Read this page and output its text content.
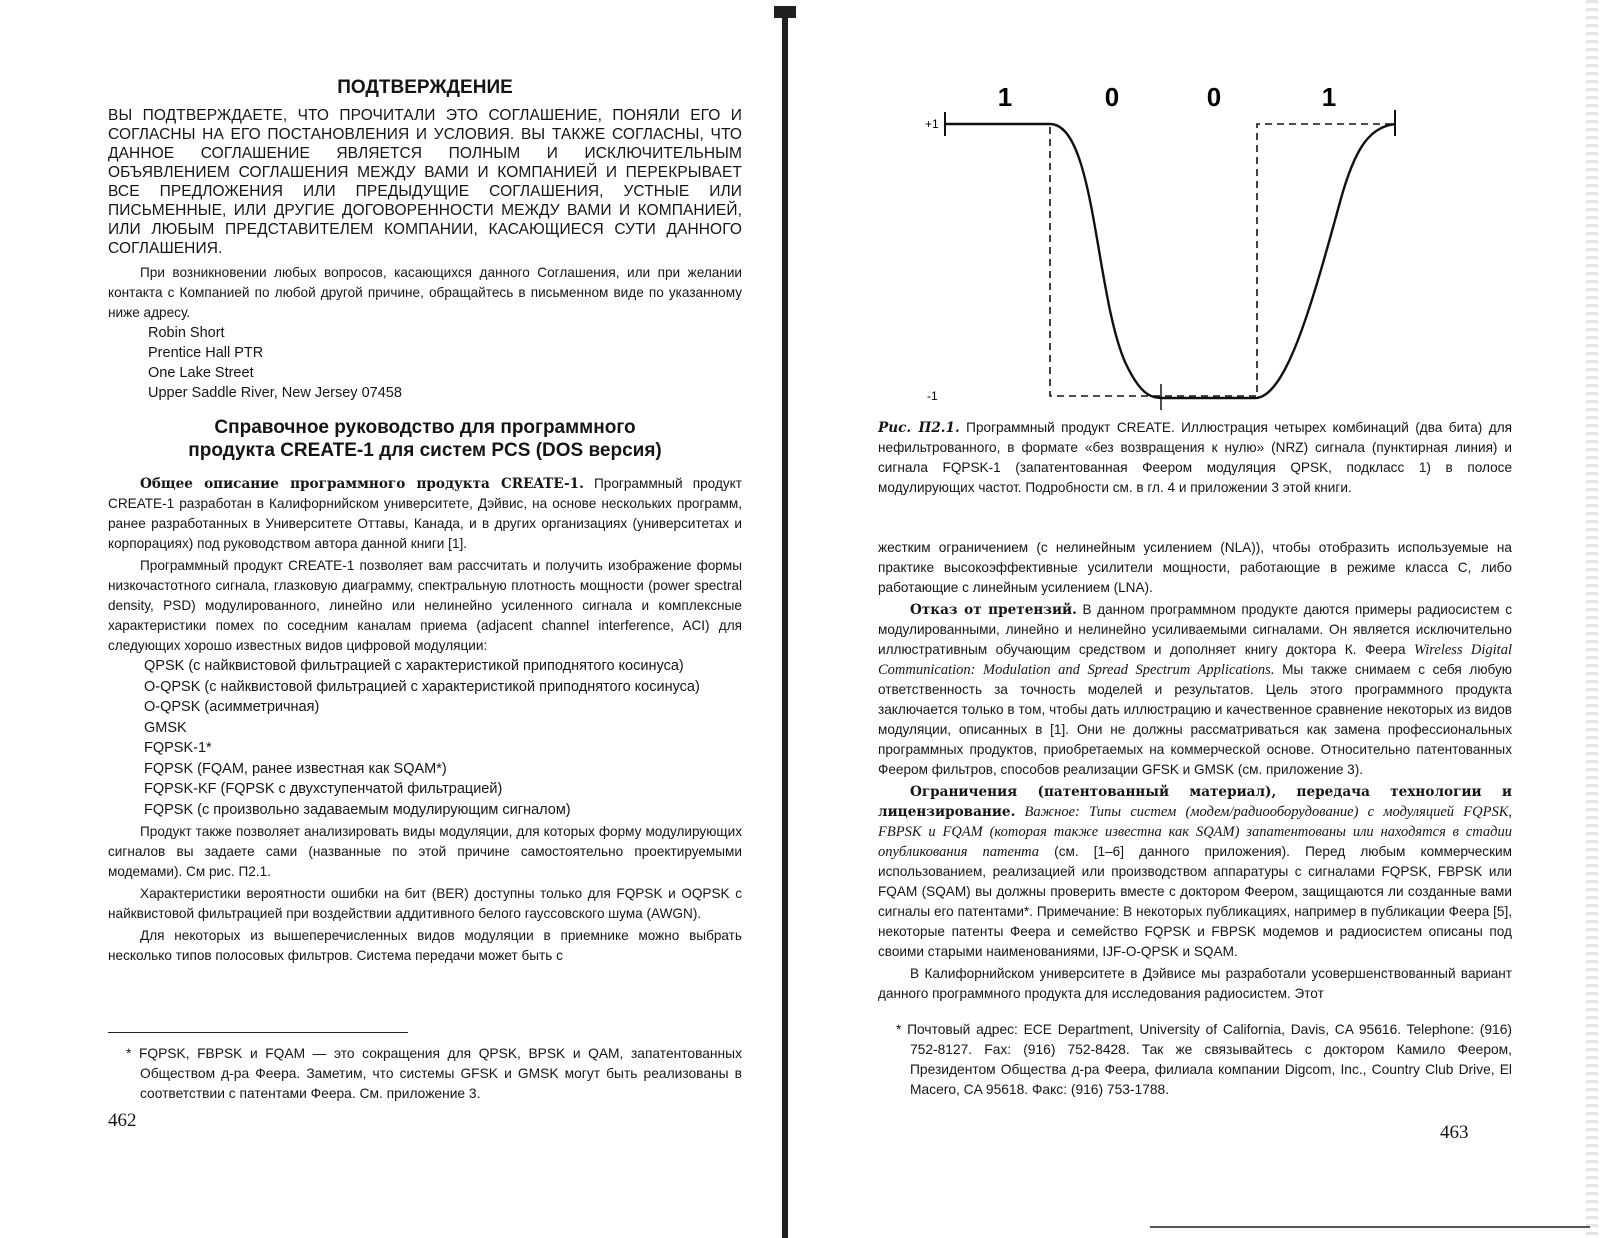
ПОДТВЕРЖДЕНИЕ
ВЫ ПОДТВЕРЖДАЕТЕ, ЧТО ПРОЧИТАЛИ ЭТО СОГЛАШЕНИЕ, ПОНЯЛИ ЕГО И СОГЛАСНЫ НА ЕГО ПОСТАНОВЛЕНИЯ И УСЛОВИЯ. ВЫ ТАКЖЕ СОГЛАСНЫ, ЧТО ДАННОЕ СОГЛАШЕНИЕ ЯВЛЯЕТСЯ ПОЛНЫМ И ИСКЛЮЧИТЕЛЬНЫМ ОБЪЯВЛЕНИЕМ СОГЛАШЕНИЯ МЕЖДУ ВАМИ И КОМПАНИЕЙ И ПЕРЕКРЫВАЕТ ВСЕ ПРЕДЛОЖЕНИЯ ИЛИ ПРЕДЫДУЩИЕ СОГЛАШЕНИЯ, УСТНЫЕ ИЛИ ПИСЬМЕННЫЕ, ИЛИ ДРУГИЕ ДОГОВОРЕННОСТИ МЕЖДУ ВАМИ И КОМПАНИЕЙ, ИЛИ ЛЮБЫМ ПРЕДСТАВИТЕЛЕМ КОМПАНИИ, КАСАЮЩИЕСЯ СУТИ ДАННОГО СОГЛАШЕНИЯ.
При возникновении любых вопросов, касающихся данного Соглашения, или при желании контакта с Компанией по любой другой причине, обращайтесь в письменном виде по указанному ниже адресу.
Robin Short
Prentice Hall PTR
One Lake Street
Upper Saddle River, New Jersey 07458
Справочное руководство для программного
продукта CREATE-1 для систем PCS (DOS версия)
Общее описание программного продукта CREATE-1. Программный продукт CREATE-1 разработан в Калифорнийском университете, Дэйвис, на основе нескольких программ, ранее разработанных в Университете Оттавы, Канада, и в других организациях (университетах и корпорациях) под руководством автора данной книги [1].
Программный продукт CREATE-1 позволяет вам рассчитать и получить изображение формы низкочастотного сигнала, глазковую диаграмму, спектральную плотность мощности (power spectral density, PSD) модулированного, линейно или нелинейно усиленного сигнала и комплексные характеристики помех по соседним каналам приема (adjacent channel interference, ACI) для следующих хорошо известных видов цифровой модуляции:
QPSK (с найквистовой фильтрацией с характеристикой приподнятого косинуса)
O-QPSK (с найквистовой фильтрацией с характеристикой приподнятого косинуса)
O-QPSK (асимметричная)
GMSK
FQPSK-1*
FQPSK (FQAM, ранее известная как SQAM*)
FQPSK-KF (FQPSK с двухступенчатой фильтрацией)
FQPSK (с произвольно задаваемым модулирующим сигналом)
Продукт также позволяет анализировать виды модуляции, для которых форму модулирующих сигналов вы задаете сами (названные по этой причине самостоятельно проектируемыми модемами). См рис. П2.1.
Характеристики вероятности ошибки на бит (BER) доступны только для FQPSK и OQPSK с найквистовой фильтрацией при воздействии аддитивного белого гауссовского шума (AWGN).
Для некоторых из вышеперечисленных видов модуляции в приемнике можно выбрать несколько типов полосовых фильтров. Система передачи может быть с
* FQPSK, FBPSK и FQAM — это сокращения для QPSK, BPSK и QAM, запатентованных Обществом д-ра Феера. Заметим, что системы GFSK и GMSK могут быть реализованы в соответствии с патентами Феера. См. приложение 3.
462
1	0	0	1
+1
-1
Рис. П2.1. Программный продукт CREATE. Иллюстрация четырех комбинаций (два бита) для нефильтрованного, в формате «без возвращения к нулю» (NRZ) сигнала (пунктирная линия) и сигнала FQPSK-1 (запатентованная Феером модуляция QPSK, подкласс 1) в полосе модулирующих частот. Подробности см. в гл. 4 и приложении 3 этой книги.
жестким ограничением (с нелинейным усилением (NLA)), чтобы отобразить используемые на практике высокоэффективные усилители мощности, работающие в режиме класса С, либо работающие с линейным усилением (LNA).
Отказ от претензий. В данном программном продукте даются примеры радиосистем с модулированными, линейно и нелинейно усиливаемыми сигналами. Он является исключительно иллюстративным обучающим средством и дополняет книгу доктора К. Феера Wireless Digital Communication: Modulation and Spread Spectrum Applications. Мы также снимаем с себя любую ответственность за точность моделей и результатов. Цель этого программного продукта заключается только в том, чтобы дать иллюстрацию и качественное сравнение некоторых из видов модуляции, описанных в [1]. Они не должны рассматриваться как замена профессиональных программных продуктов, приобретаемых на коммерческой основе. Относительно патентованных Феером фильтров, способов реализации GFSK и GMSK (см. приложение 3).
Ограничения (патентованный материал), передача технологии и лицензирование. Важное: Типы систем (модем/радиооборудование) с модуляцией FQPSK, FBPSK и FQAM (которая также известна как SQAM) запатентованы или находятся в стадии опубликования патента (см. [1–6] данного приложения). Перед любым коммерческим использованием, реализацией или производством аппаратуры с сигналами FQPSK, FBPSK или FQAM (SQAM) вы должны проверить вместе с доктором Феером, защищаются ли созданные вами сигналы его патентами*. Примечание: В некоторых публикациях, например в публикации Феера [5], некоторые патенты Феера и семейство FQPSK и FBPSK модемов и радиосистем описаны под своими старыми наименованиями, IJF-O-QPSK и SQAM.
В Калифорнийском университете в Дэйвисе мы разработали усовершенствованный вариант данного программного продукта для исследования радиосистем. Этот
* Почтовый адрес: ECE Department, University of California, Davis, CA 95616. Telephone: (916) 752-8127. Fax: (916) 752-8428. Так же связывайтесь с доктором Камило Феером, Президентом Общества д-ра Феера, филиала компании Digcom, Inc., Country Club Drive, El Macero, CA 95618. Факс: (916) 753-1788.
463
